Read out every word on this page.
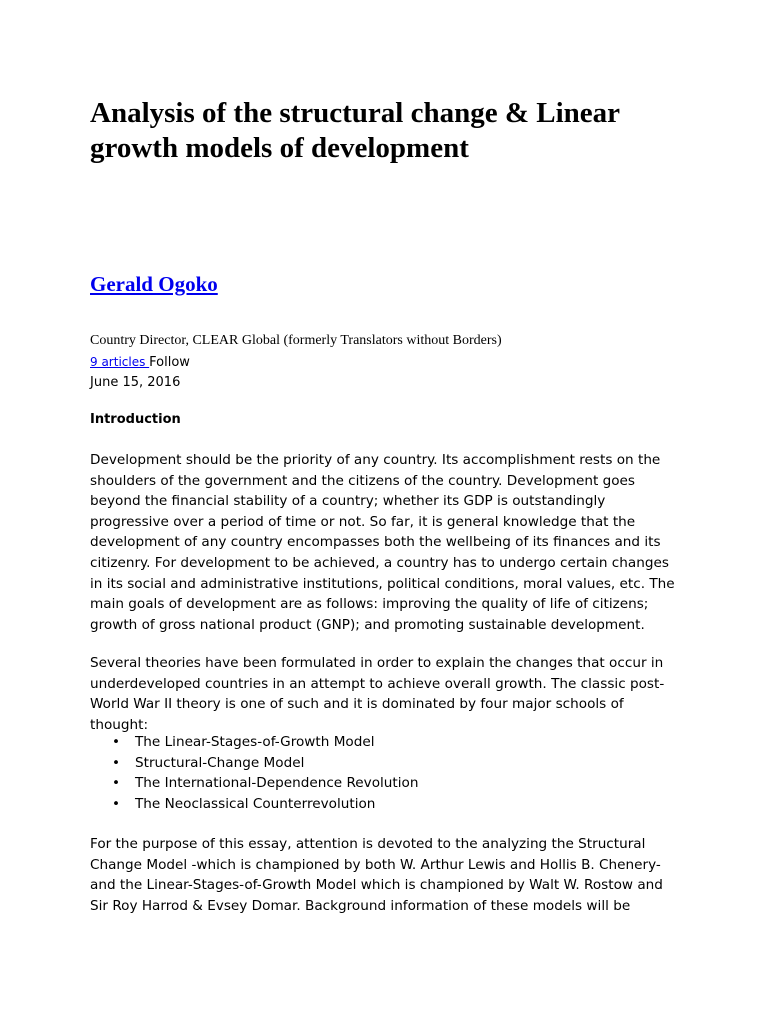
Analysis of the structural change & Linear growth models of development
Gerald Ogoko
Country Director, CLEAR Global (formerly Translators without Borders)
9 articles Follow
June 15, 2016
Introduction

Development should be the priority of any country. Its accomplishment rests on the shoulders of the government and the citizens of the country. Development goes beyond the financial stability of a country; whether its GDP is outstandingly progressive over a period of time or not. So far, it is general knowledge that the development of any country encompasses both the wellbeing of its finances and its citizenry. For development to be achieved, a country has to undergo certain changes in its social and administrative institutions, political conditions, moral values, etc. The main goals of development are as follows: improving the quality of life of citizens; growth of gross national product (GNP); and promoting sustainable development.

Several theories have been formulated in order to explain the changes that occur in underdeveloped countries in an attempt to achieve overall growth. The classic post-World War II theory is one of such and it is dominated by four major schools of thought:

• The Linear-Stages-of-Growth Model
• Structural-Change Model
• The International-Dependence Revolution
• The Neoclassical Counterrevolution

For the purpose of this essay, attention is devoted to the analyzing the Structural Change Model -which is championed by both W. Arthur Lewis and Hollis B. Chenery- and the Linear-Stages-of-Growth Model which is championed by Walt W. Rostow and Sir Roy Harrod & Evsey Domar. Background information of these models will be
